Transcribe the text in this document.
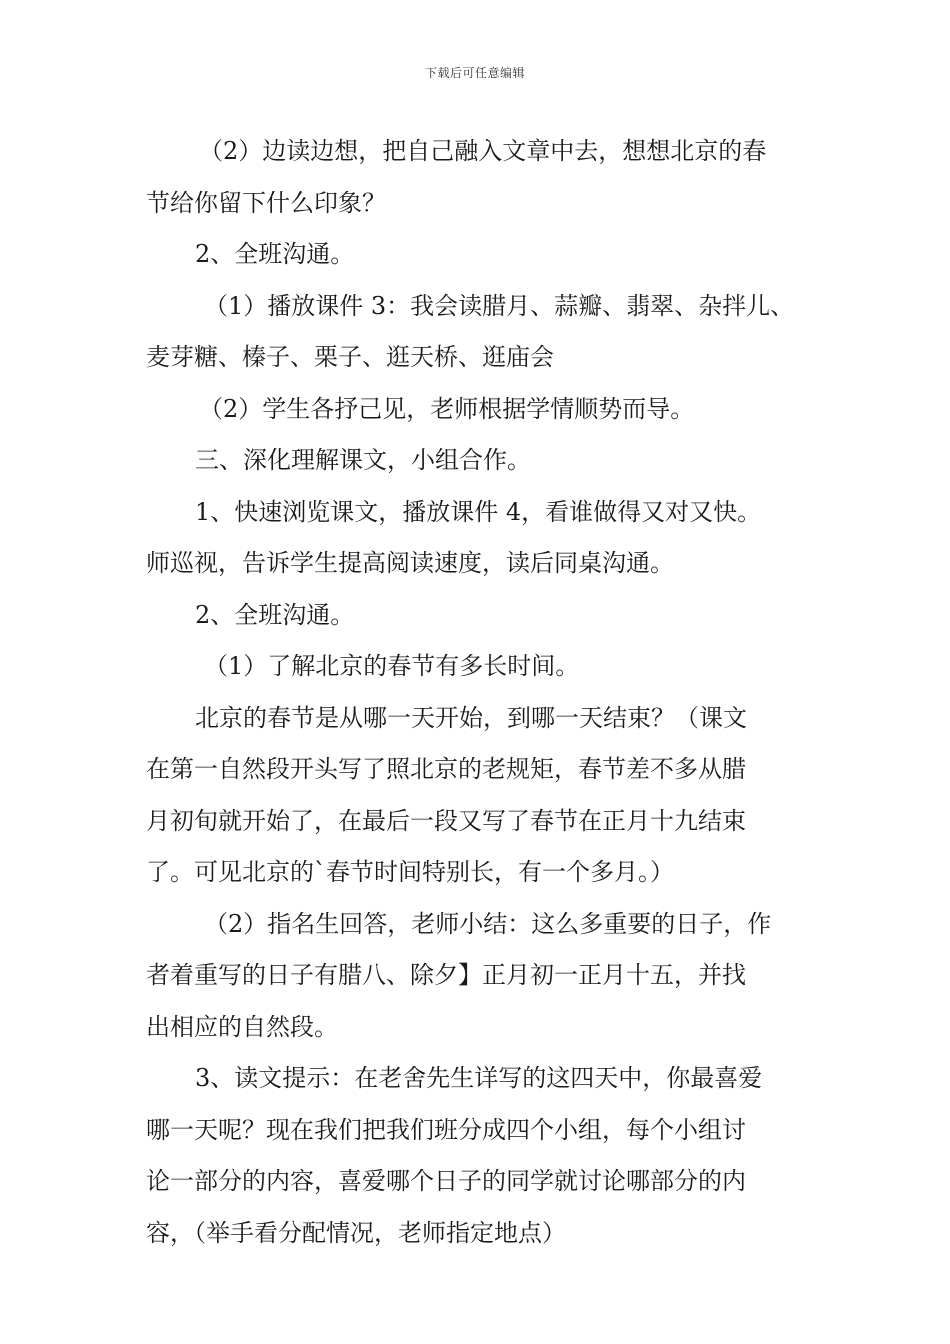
下载后可任意编辑

（2）边读边想，把自己融入文章中去，想想北京的春

节给你留下什么印象？

2、全班沟通。

（1）播放课件 3：我会读腊月、蒜瓣、翡翠、杂拌儿、

麦芽糖、榛子、栗子、逛天桥、逛庙会

（2）学生各抒己见，老师根据学情顺势而导。

三、深化理解课文，小组合作。

1、快速浏览课文，播放课件 4，看谁做得又对又快。

师巡视，告诉学生提高阅读速度，读后同桌沟通。

2、全班沟通。

（1）了解北京的春节有多长时间。

北京的春节是从哪一天开始，到哪一天结束？（课文

在第一自然段开头写了照北京的老规矩，春节差不多从腊

月初旬就开始了，在最后一段又写了春节在正月十九结束

了。可见北京的`春节时间特别长，有一个多月。）

（2）指名生回答，老师小结：这么多重要的日子，作

者着重写的日子有腊八、除夕】正月初一正月十五，并找

出相应的自然段。

3、读文提示：在老舍先生详写的这四天中，你最喜爱

哪一天呢？现在我们把我们班分成四个小组，每个小组讨

论一部分的内容，喜爱哪个日子的同学就讨论哪部分的内

容，（举手看分配情况，老师指定地点）
